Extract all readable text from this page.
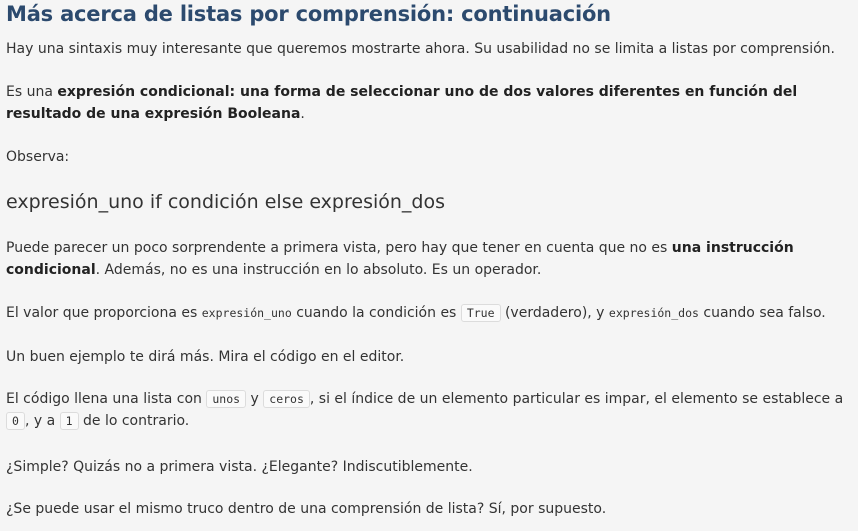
Más acerca de listas por comprensión: continuación

Hay una sintaxis muy interesante que queremos mostrarte ahora. Su usabilidad no se limita a listas por comprensión.

Es una expresión condicional: una forma de seleccionar uno de dos valores diferentes en función del resultado de una expresión Booleana.

Observa:

expresión_uno if condición else expresión_dos

Puede parecer un poco sorprendente a primera vista, pero hay que tener en cuenta que no es una instrucción condicional. Además, no es una instrucción en lo absoluto. Es un operador.

El valor que proporciona es expresión_uno cuando la condición es True (verdadero), y expresión_dos cuando sea falso.

Un buen ejemplo te dirá más. Mira el código en el editor.

El código llena una lista con unos y ceros , si el índice de un elemento particular es impar, el elemento se establece a 0 , y a 1 de lo contrario.

¿Simple? Quizás no a primera vista. ¿Elegante? Indiscutiblemente.

¿Se puede usar el mismo truco dentro de una comprensión de lista? Sí, por supuesto.
